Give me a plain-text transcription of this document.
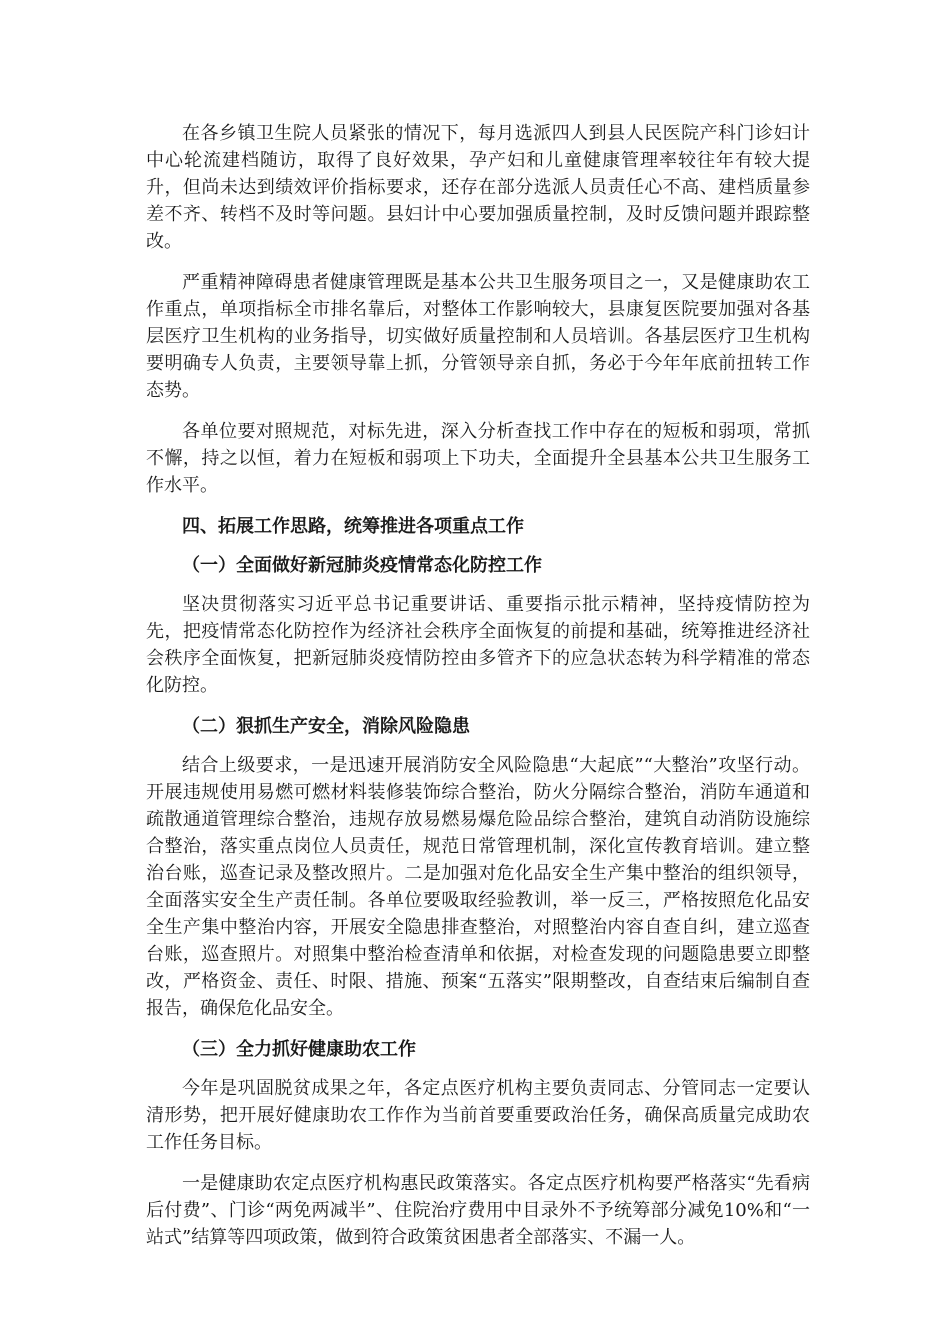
在各乡镇卫生院人员紧张的情况下，每月选派四人到县人民医院产科门诊妇计中心轮流建档随访，取得了良好效果，孕产妇和儿童健康管理率较往年有较大提升，但尚未达到绩效评价指标要求，还存在部分选派人员责任心不高、建档质量参差不齐、转档不及时等问题。县妇计中心要加强质量控制，及时反馈问题并跟踪整改。

严重精神障碍患者健康管理既是基本公共卫生服务项目之一，又是健康助农工作重点，单项指标全市排名靠后，对整体工作影响较大，县康复医院要加强对各基层医疗卫生机构的业务指导，切实做好质量控制和人员培训。各基层医疗卫生机构要明确专人负责，主要领导靠上抓，分管领导亲自抓，务必于今年年底前扭转工作态势。

各单位要对照规范，对标先进，深入分析查找工作中存在的短板和弱项，常抓不懈，持之以恒，着力在短板和弱项上下功夫，全面提升全县基本公共卫生服务工作水平。

四、拓展工作思路，统筹推进各项重点工作

（一）全面做好新冠肺炎疫情常态化防控工作

坚决贯彻落实习近平总书记重要讲话、重要指示批示精神，坚持疫情防控为先，把疫情常态化防控作为经济社会秩序全面恢复的前提和基础，统筹推进经济社会秩序全面恢复，把新冠肺炎疫情防控由多管齐下的应急状态转为科学精准的常态化防控。

（二）狠抓生产安全，消除风险隐患

结合上级要求，一是迅速开展消防安全风险隐患“大起底”“大整治”攻坚行动。开展违规使用易燃可燃材料装修装饰综合整治，防火分隔综合整治，消防车通道和疏散通道管理综合整治，违规存放易燃易爆危险品综合整治，建筑自动消防设施综合整治，落实重点岗位人员责任，规范日常管理机制，深化宣传教育培训。建立整治台账，巡查记录及整改照片。二是加强对危化品安全生产集中整治的组织领导，全面落实安全生产责任制。各单位要吸取经验教训，举一反三，严格按照危化品安全生产集中整治内容，开展安全隐患排查整治，对照整治内容自查自纠，建立巡查台账，巡查照片。对照集中整治检查清单和依据，对检查发现的问题隐患要立即整改，严格资金、责任、时限、措施、预案“五落实”限期整改，自查结束后编制自查报告，确保危化品安全。

（三）全力抓好健康助农工作

今年是巩固脱贫成果之年，各定点医疗机构主要负责同志、分管同志一定要认清形势，把开展好健康助农工作作为当前首要重要政治任务，确保高质量完成助农工作任务目标。

一是健康助农定点医疗机构惠民政策落实。各定点医疗机构要严格落实“先看病后付费”、门诊“两免两减半”、住院治疗费用中目录外不予统筹部分减免10%和“一站式”结算等四项政策，做到符合政策贫困患者全部落实、不漏一人。
